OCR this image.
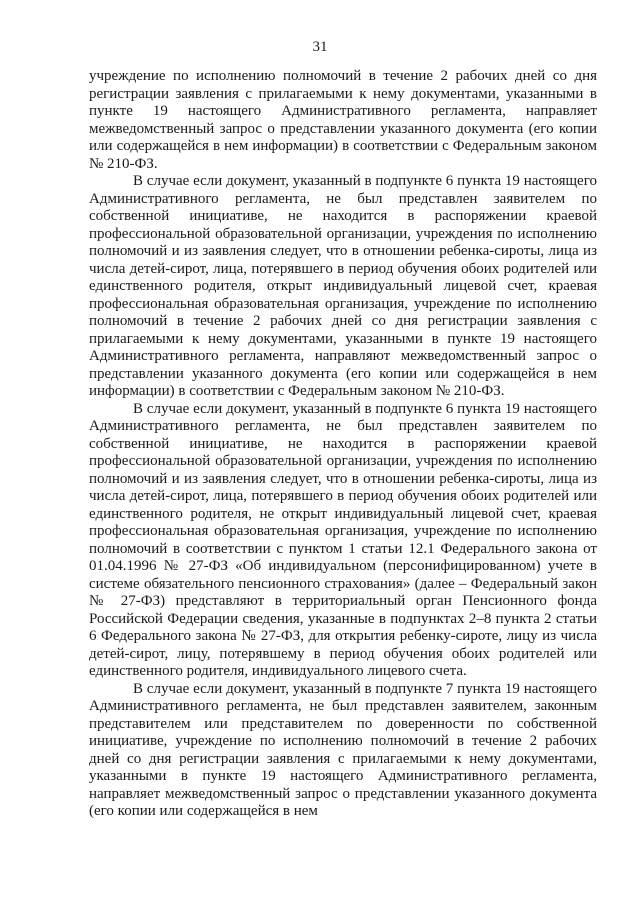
31

учреждение по исполнению полномочий в течение 2 рабочих дней со дня регистрации заявления с прилагаемыми к нему документами, указанными в пункте 19 настоящего Административного регламента, направляет межведомственный запрос о представлении указанного документа (его копии или содержащейся в нем информации) в соответствии с Федеральным законом № 210-ФЗ.

В случае если документ, указанный в подпункте 6 пункта 19 настоящего Административного регламента, не был представлен заявителем по собственной инициативе, не находится в распоряжении краевой профессиональной образовательной организации, учреждения по исполнению полномочий и из заявления следует, что в отношении ребенка-сироты, лица из числа детей-сирот, лица, потерявшего в период обучения обоих родителей или единственного родителя, открыт индивидуальный лицевой счет, краевая профессиональная образовательная организация, учреждение по исполнению полномочий в течение 2 рабочих дней со дня регистрации заявления с прилагаемыми к нему документами, указанными в пункте 19 настоящего Административного регламента, направляют межведомственный запрос о представлении указанного документа (его копии или содержащейся в нем информации) в соответствии с Федеральным законом № 210-ФЗ.

В случае если документ, указанный в подпункте 6 пункта 19 настоящего Административного регламента, не был представлен заявителем по собственной инициативе, не находится в распоряжении краевой профессиональной образовательной организации, учреждения по исполнению полномочий и из заявления следует, что в отношении ребенка-сироты, лица из числа детей-сирот, лица, потерявшего в период обучения обоих родителей или единственного родителя, не открыт индивидуальный лицевой счет, краевая профессиональная образовательная организация, учреждение по исполнению полномочий в соответствии с пунктом 1 статьи 12.1 Федерального закона от 01.04.1996 № 27-ФЗ «Об индивидуальном (персонифицированном) учете в системе обязательного пенсионного страхования» (далее – Федеральный закон № 27-ФЗ) представляют в территориальный орган Пенсионного фонда Российской Федерации сведения, указанные в подпунктах 2–8 пункта 2 статьи 6 Федерального закона № 27-ФЗ, для открытия ребенку-сироте, лицу из числа детей-сирот, лицу, потерявшему в период обучения обоих родителей или единственного родителя, индивидуального лицевого счета.

В случае если документ, указанный в подпункте 7 пункта 19 настоящего Административного регламента, не был представлен заявителем, законным представителем или представителем по доверенности по собственной инициативе, учреждение по исполнению полномочий в течение 2 рабочих дней со дня регистрации заявления с прилагаемыми к нему документами, указанными в пункте 19 настоящего Административного регламента, направляет межведомственный запрос о представлении указанного документа (его копии или содержащейся в нем
